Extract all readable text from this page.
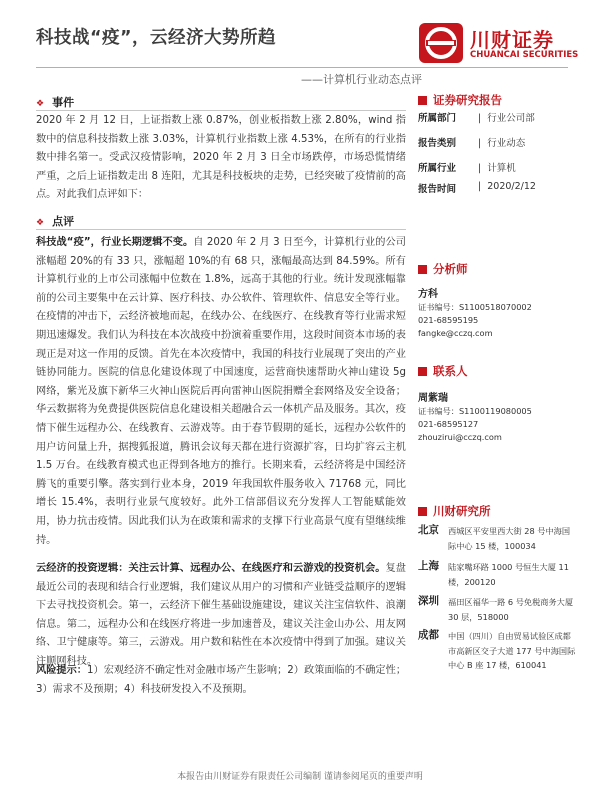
科技战“疫”，云经济大势所趋	川财证券
CHUANCAI SECURITIES
——计算机行业动态点评
❖ 事件
2020 年 2 月 12 日，上证指数上涨 0.87%，创业板指数上涨 2.80%，wind 指数中的信息科技指数上涨 3.03%，计算机行业指数上涨 4.53%，在所有的行业指数中排名第一。受武汉疫情影响，2020 年 2 月 3 日全市场跌停，市场恐慌情绪严重，之后上证指数走出 8 连阳，尤其是科技板块的走势，已经突破了疫情前的高点。对此我们点评如下：
❖ 点评
科技战“疫”，行业长期逻辑不变。自 2020 年 2 月 3 日至今，计算机行业的公司涨幅超 20%的有 33 只，涨幅超 10%的有 68 只，涨幅最高达到 84.59%。所有计算机行业的上市公司涨幅中位数在 1.8%，远高于其他的行业。统计发现涨幅靠前的公司主要集中在云计算、医疗科技、办公软件、管理软件、信息安全等行业。在疫情的冲击下，云经济被地而起，在线办公、在线医疗、在线教育等行业需求短期迅速爆发。我们认为科技在本次战疫中扮演着重要作用，这段时间资本市场的表现正是对这一作用的反馈。首先在本次疫情中，我国的科技行业展现了突出的产业链协同能力。医院的信息化建设体现了中国速度，运营商快速帮助火神山建设 5g 网络，紫光及旗下新华三火神山医院后再向雷神山医院捐赠全套网络及安全设备；华云数据将为免费提供医院信息化建设相关超融合云一体机产品及服务。其次，疫情下催生远程办公、在线教育、云游戏等。由于春节假期的延长，远程办公软件的用户访问量上升，据搜狐报道，腾讯会议每天都在进行资源扩容，日均扩容云主机 1.5 万台。在线教育模式也正得到各地方的推行。长期来看，云经济将是中国经济腾飞的重要引擎。落实到行业本身，2019 年我国软件服务收入 71768 元，同比增长 15.4%，表明行业景气度较好。此外工信部倡议充分发挥人工智能赋能效用，协力抗击疫情。因此我们认为在政策和需求的支撑下行业高景气度有望继续维持。
云经济的投资逻辑：关注云计算、远程办公、在线医疗和云游戏的投资机会。复盘最近公司的表现和结合行业逻辑，我们建议从用户的习惯和产业链受益顺序的逻辑下去寻找投资机会。第一，云经济下催生基础设施建设，建议关注宝信软件、浪潮信息。第二，远程办公和在线医疗将进一步加速普及，建议关注金山办公、用友网络、卫宁健康等。第三，云游戏。用户数和粘性在本次疫情中得到了加强。建议关注顺网科技。
风险提示：1）宏观经济不确定性对金融市场产生影响；2）政策面临的不确定性；3）需求不及预期；4）科技研发投入不及预期。
证券研究报告
所属部门 |  行业公司部
报告类别 |  行业动态
所属行业 |  计算机
报告时间 |  2020/2/12
分析师
方科
证书编号：S1100518070002
021-68595195
fangke@cczq.com
联系人
周紫瑞
证书编号：S1100119080005
021-68595127
zhouzirui@cczq.com
川财研究所
北京 西城区平安里西大街 28 号中海国际中心 15 楼，100034
上海 陆家嘴环路 1000 号恒生大厦 11 楼，200120
深圳 福田区福华一路 6 号免税商务大厦 30 层，518000
成都 中国（四川）自由贸易试验区成都市高新区交子大道 177 号中海国际中心 B 座 17 楼，610041
本报告由川财证券有限责任公司编制 谨请参阅尾页的重要声明
